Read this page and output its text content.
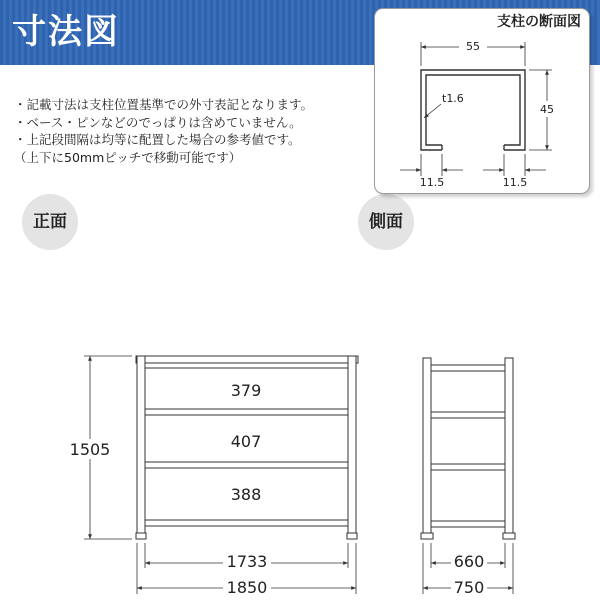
寸法図
・記載寸法は支柱位置基準での外寸表記となります。
・ベース・ピンなどのでっぱりは含めていません。
・上記段間隔は均等に配置した場合の参考値です。
（上下に50mmピッチで移動可能です）
正面	側面
支柱の断面図
55
45
t1.6
11.5	11.5
379
407
388
1505
1733
1850
660
750
